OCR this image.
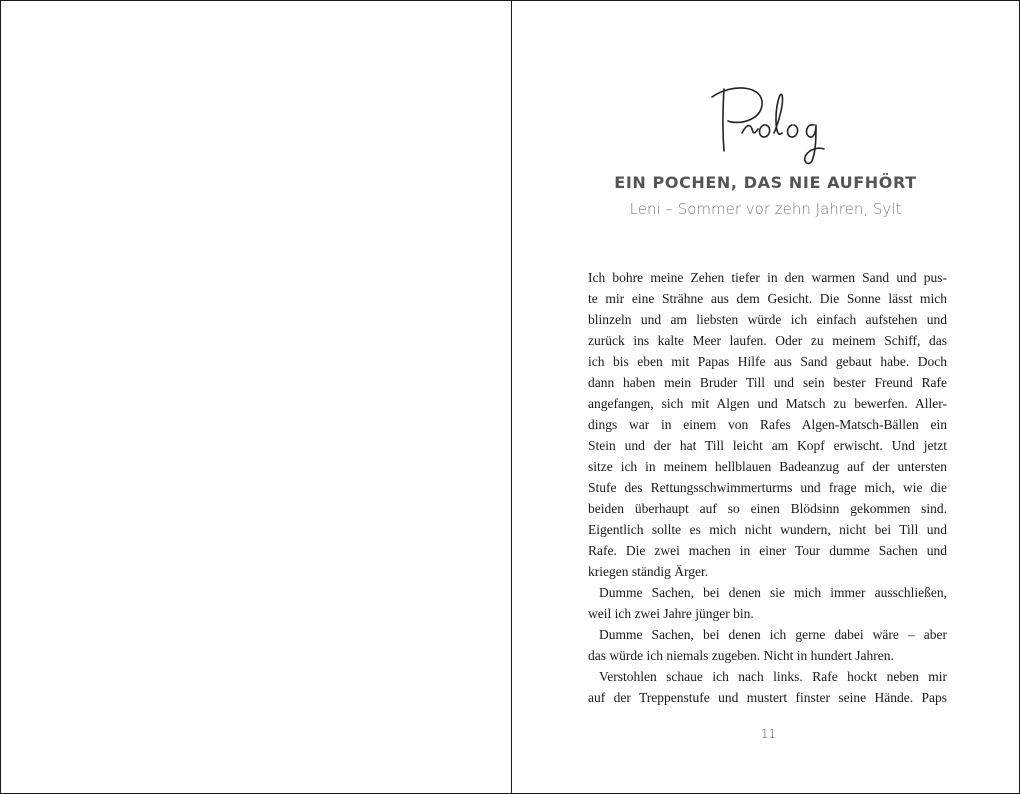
EIN POCHEN, DAS NIE AUFHÖRT
Leni – Sommer vor zehn Jahren, Sylt
Ich bohre meine Zehen tiefer in den warmen Sand und pus-
te mir eine Strähne aus dem Gesicht. Die Sonne lässt mich
blinzeln und am liebsten würde ich einfach aufstehen und
zurück ins kalte Meer laufen. Oder zu meinem Schiff, das
ich bis eben mit Papas Hilfe aus Sand gebaut habe. Doch
dann haben mein Bruder Till und sein bester Freund Rafe
angefangen, sich mit Algen und Matsch zu bewerfen. Aller-
dings war in einem von Rafes Algen-Matsch-Bällen ein
Stein und der hat Till leicht am Kopf erwischt. Und jetzt
sitze ich in meinem hellblauen Badeanzug auf der untersten
Stufe des Rettungsschwimmerturms und frage mich, wie die
beiden überhaupt auf so einen Blödsinn gekommen sind.
Eigentlich sollte es mich nicht wundern, nicht bei Till und
Rafe. Die zwei machen in einer Tour dumme Sachen und
kriegen ständig Ärger.
Dumme Sachen, bei denen sie mich immer ausschließen,
weil ich zwei Jahre jünger bin.
Dumme Sachen, bei denen ich gerne dabei wäre – aber
das würde ich niemals zugeben. Nicht in hundert Jahren.
Verstohlen schaue ich nach links. Rafe hockt neben mir
auf der Treppenstufe und mustert finster seine Hände. Paps
11
